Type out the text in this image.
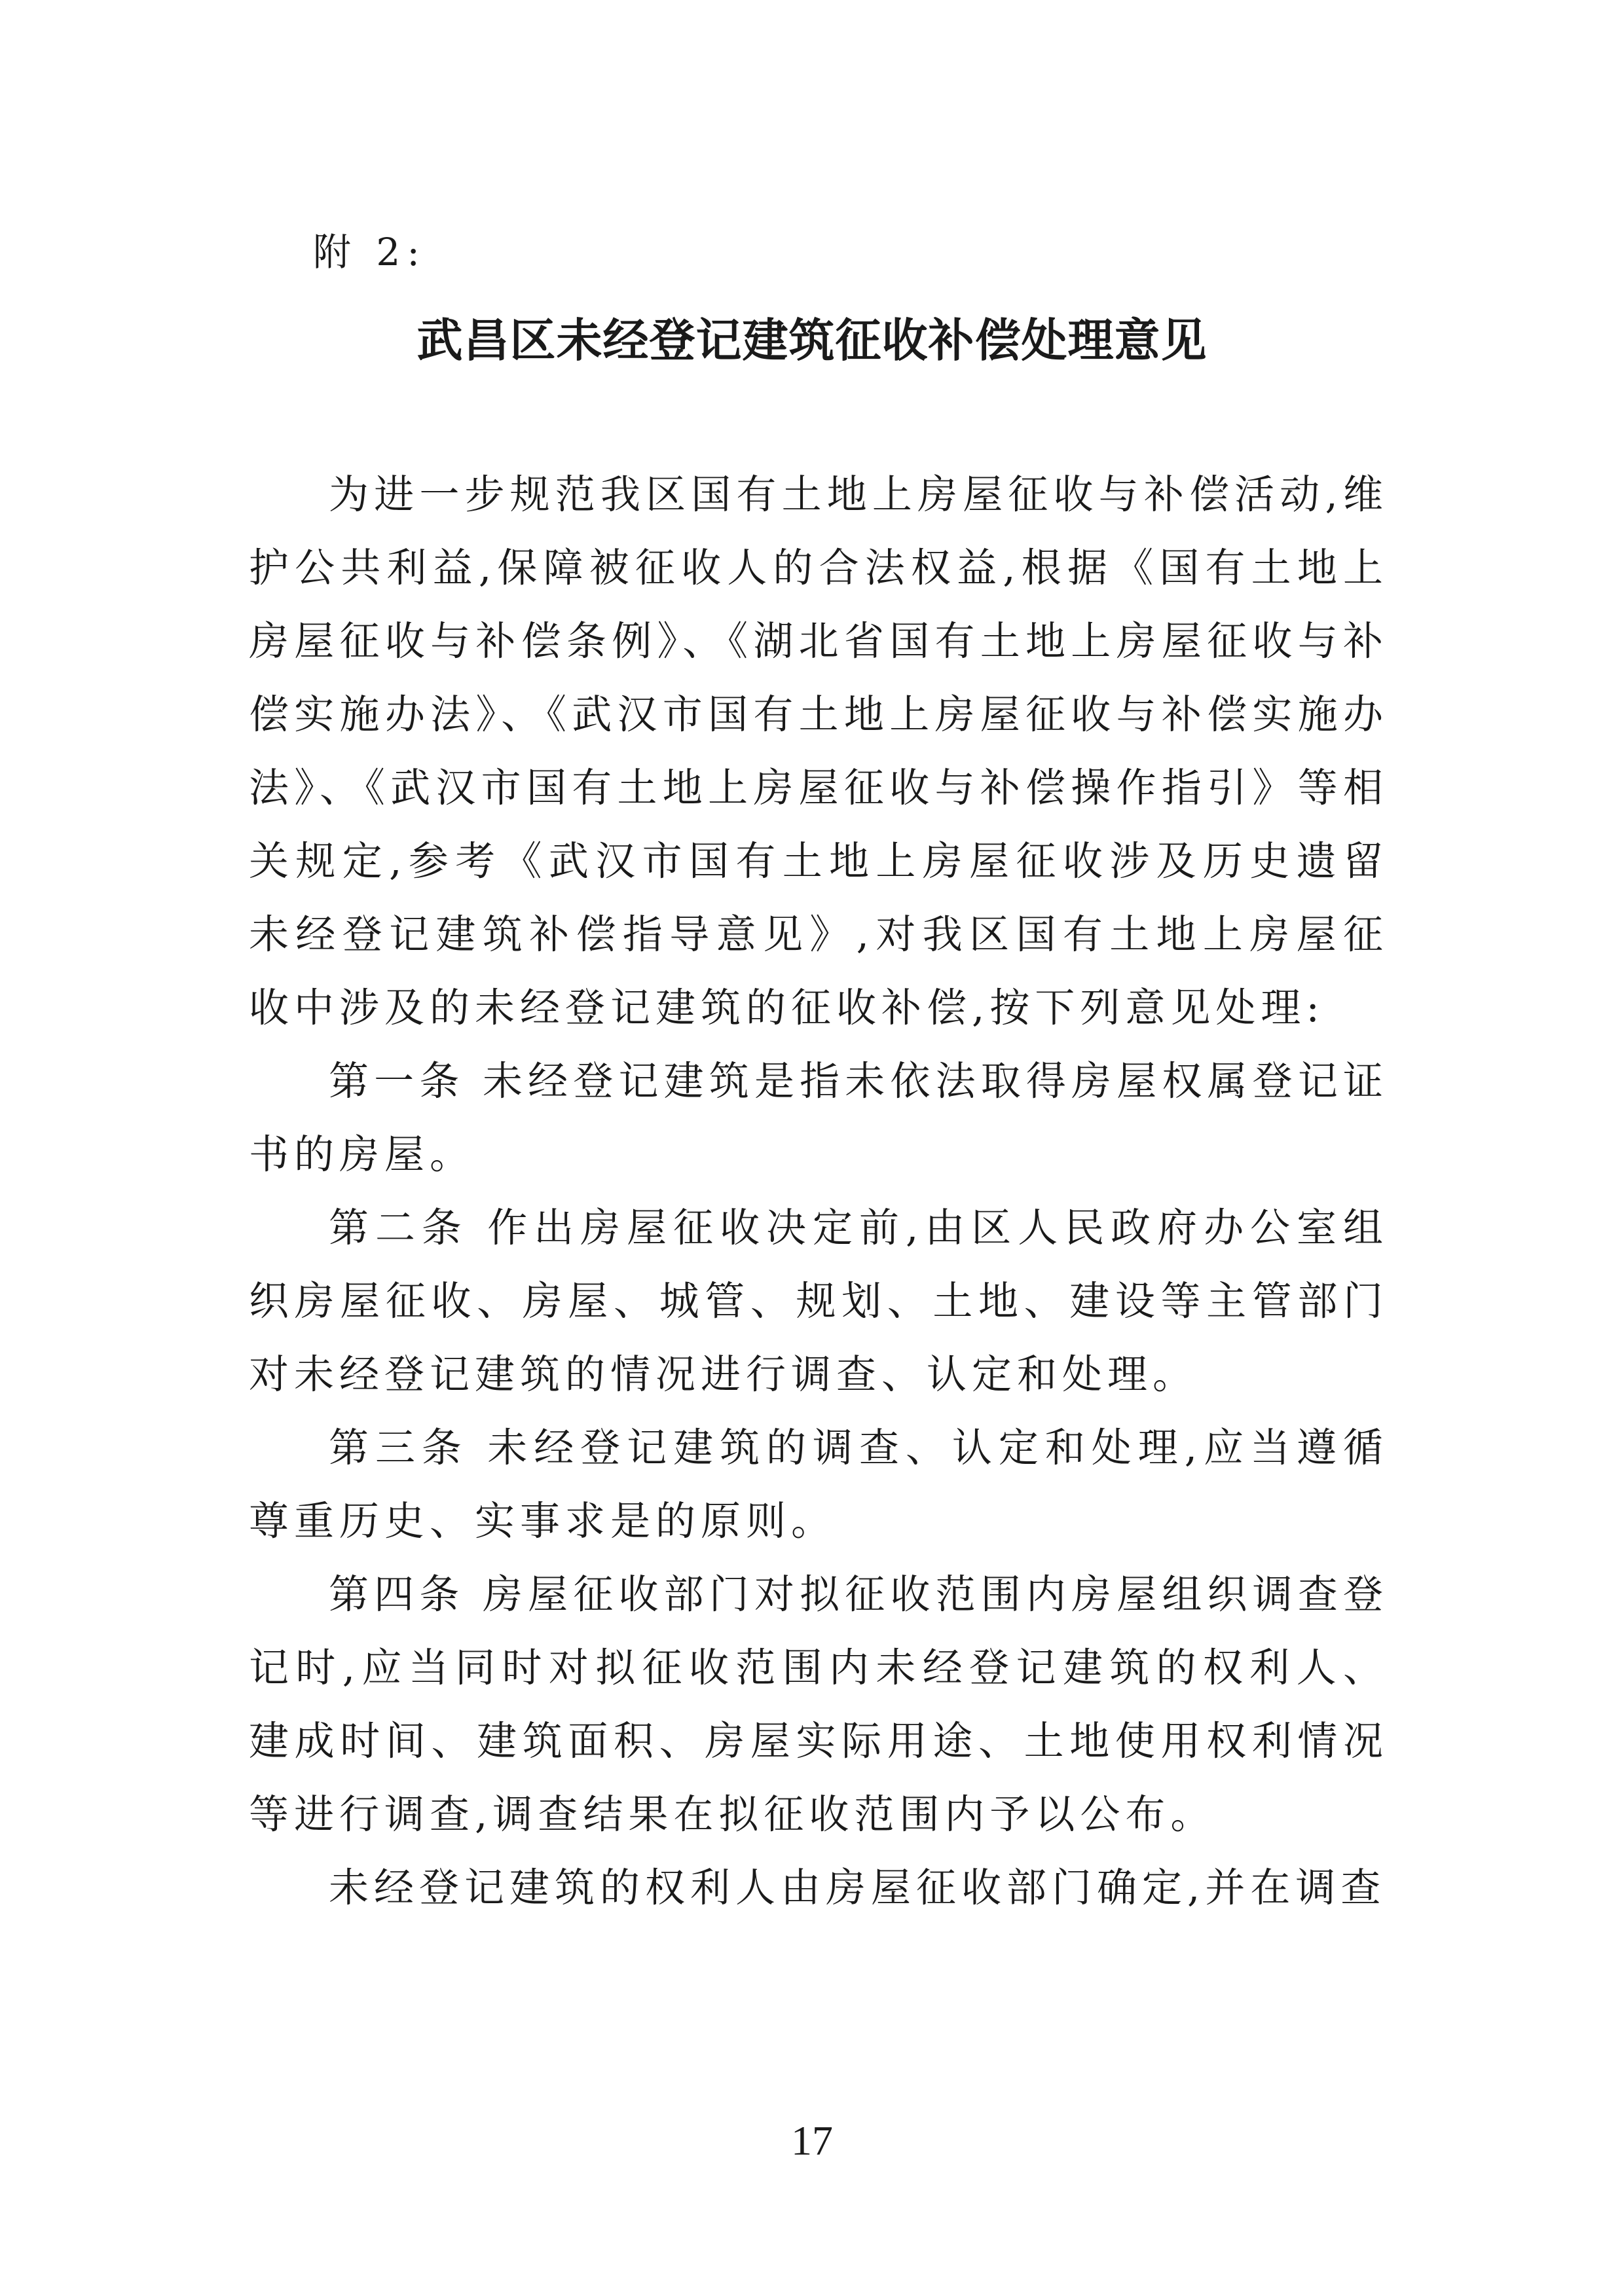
附 2:
武昌区未经登记建筑征收补偿处理意见

为进一步规范我区国有土地上房屋征收与补偿活动,维护公共利益,保障被征收人的合法权益,根据《国有土地上房屋征收与补偿条例》、《湖北省国有土地上房屋征收与补偿实施办法》、《武汉市国有土地上房屋征收与补偿实施办法》、《武汉市国有土地上房屋征收与补偿操作指引》等相关规定,参考《武汉市国有土地上房屋征收涉及历史遗留未经登记建筑补偿指导意见》,对我区国有土地上房屋征收中涉及的未经登记建筑的征收补偿,按下列意见处理:

第一条 未经登记建筑是指未依法取得房屋权属登记证书的房屋。

第二条 作出房屋征收决定前,由区人民政府办公室组织房屋征收、房屋、城管、规划、土地、建设等主管部门对未经登记建筑的情况进行调查、认定和处理。

第三条 未经登记建筑的调查、认定和处理,应当遵循尊重历史、实事求是的原则。

第四条 房屋征收部门对拟征收范围内房屋组织调查登记时,应当同时对拟征收范围内未经登记建筑的权利人、建成时间、建筑面积、房屋实际用途、土地使用权利情况等进行调查,调查结果在拟征收范围内予以公布。

未经登记建筑的权利人由房屋征收部门确定,并在调查

17
